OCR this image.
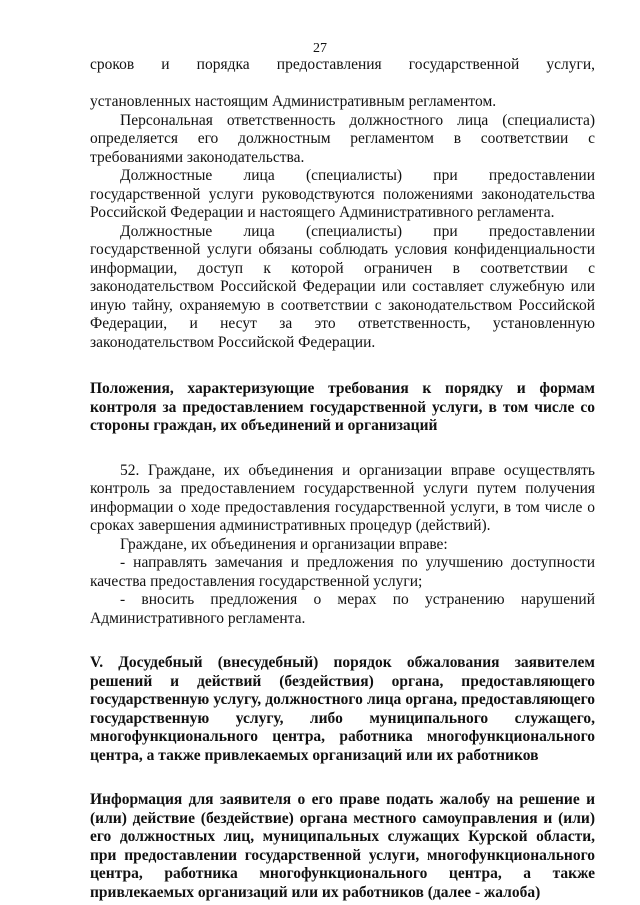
27

сроков и порядка предоставления государственной услуги,

установленных настоящим Административным регламентом.

Персональная ответственность должностного лица (специалиста) определяется его должностным регламентом в соответствии с требованиями законодательства.

Должностные лица (специалисты) при предоставлении государственной услуги руководствуются положениями законодательства Российской Федерации и настоящего Административного регламента.

Должностные лица (специалисты) при предоставлении государственной услуги обязаны соблюдать условия конфиденциальности информации, доступ к которой ограничен в соответствии с законодательством Российской Федерации или составляет служебную или иную тайну, охраняемую в соответствии с законодательством Российской Федерации, и несут за это ответственность, установленную законодательством Российской Федерации.

Положения, характеризующие требования к порядку и формам контроля за предоставлением государственной услуги, в том числе со стороны граждан, их объединений и организаций

52. Граждане, их объединения и организации вправе осуществлять контроль за предоставлением государственной услуги путем получения информации о ходе предоставления государственной услуги, в том числе о сроках завершения административных процедур (действий).

Граждане, их объединения и организации вправе:

- направлять замечания и предложения по улучшению доступности качества предоставления государственной услуги;

- вносить предложения о мерах по устранению нарушений Административного регламента.

V. Досудебный (внесудебный) порядок обжалования заявителем решений и действий (бездействия) органа, предоставляющего государственную услугу, должностного лица органа, предоставляющего государственную услугу, либо муниципального служащего, многофункционального центра, работника многофункционального центра, а также привлекаемых организаций или их работников

Информация для заявителя о его праве подать жалобу на решение и (или) действие (бездействие) органа местного самоуправления и (или) его должностных лиц, муниципальных служащих Курской области, при предоставлении государственной услуги, многофункционального центра, работника многофункционального центра, а также привлекаемых организаций или их работников (далее - жалоба)
